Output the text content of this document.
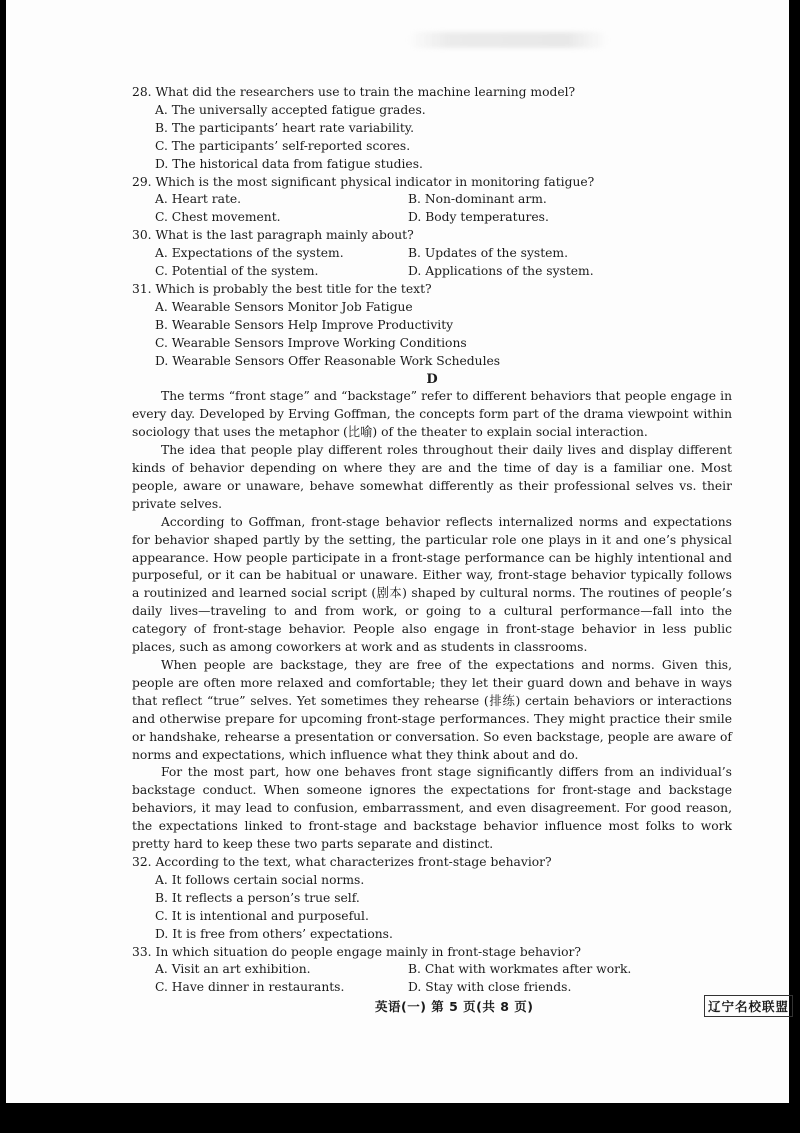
28. What did the researchers use to train the machine learning model?

A. The universally accepted fatigue grades.

B. The participants’ heart rate variability.

C. The participants’ self-reported scores.

D. The historical data from fatigue studies.

29. Which is the most significant physical indicator in monitoring fatigue?

A. Heart rate.	B. Non-dominant arm.
C. Chest movement.	D. Body temperatures.

30. What is the last paragraph mainly about?

A. Expectations of the system.	B. Updates of the system.
C. Potential of the system.	D. Applications of the system.

31. Which is probably the best title for the text?

A. Wearable Sensors Monitor Job Fatigue

B. Wearable Sensors Help Improve Productivity

C. Wearable Sensors Improve Working Conditions

D. Wearable Sensors Offer Reasonable Work Schedules

D

The terms “front stage” and “backstage” refer to different behaviors that people engage in every day. Developed by Erving Goffman, the concepts form part of the drama viewpoint within sociology that uses the metaphor (比喻) of the theater to explain social interaction.

The idea that people play different roles throughout their daily lives and display different kinds of behavior depending on where they are and the time of day is a familiar one. Most people, aware or unaware, behave somewhat differently as their professional selves vs. their private selves.

According to Goffman, front-stage behavior reflects internalized norms and expectations for behavior shaped partly by the setting, the particular role one plays in it and one’s physical appearance. How people participate in a front-stage performance can be highly intentional and purposeful, or it can be habitual or unaware. Either way, front-stage behavior typically follows a routinized and learned social script (剧本) shaped by cultural norms. The routines of people’s daily lives—traveling to and from work, or going to a cultural performance—fall into the category of front-stage behavior. People also engage in front-stage behavior in less public places, such as among coworkers at work and as students in classrooms.

When people are backstage, they are free of the expectations and norms. Given this, people are often more relaxed and comfortable; they let their guard down and behave in ways that reflect “true” selves. Yet sometimes they rehearse (排练) certain behaviors or interactions and otherwise prepare for upcoming front-stage performances. They might practice their smile or handshake, rehearse a presentation or conversation. So even backstage, people are aware of norms and expectations, which influence what they think about and do.

For the most part, how one behaves front stage significantly differs from an individual’s backstage conduct. When someone ignores the expectations for front-stage and backstage behaviors, it may lead to confusion, embarrassment, and even disagreement. For good reason, the expectations linked to front-stage and backstage behavior influence most folks to work pretty hard to keep these two parts separate and distinct.

32. According to the text, what characterizes front-stage behavior?

A. It follows certain social norms.

B. It reflects a person’s true self.

C. It is intentional and purposeful.

D. It is free from others’ expectations.

33. In which situation do people engage mainly in front-stage behavior?

A. Visit an art exhibition.	B. Chat with workmates after work.
C. Have dinner in restaurants.	D. Stay with close friends.
英语(一) 第 5 页(共 8 页)	辽宁名校联盟
